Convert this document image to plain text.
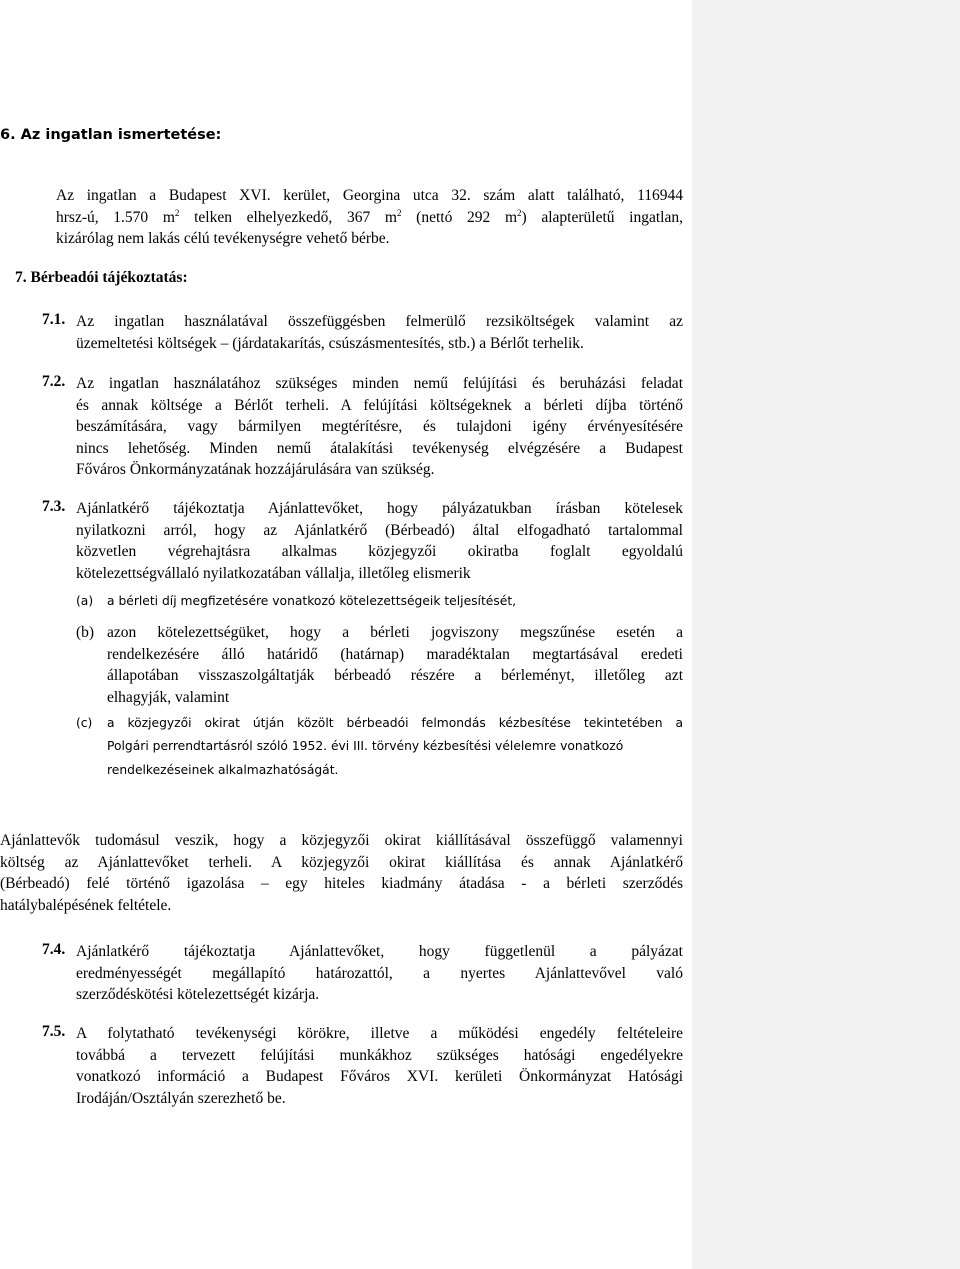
6. Az ingatlan ismertetése:
Az ingatlan a Budapest XVI. kerület, Georgina utca 32. szám alatt található, 116944
hrsz-ú, 1.570 $m^2$ telken elhelyezkedő, 367 $m^2$ (nettó 292 $m^2$) alapterületű ingatlan,
kizárólag nem lakás célú tevékenységre vehető bérbe.
7. Bérbeadói tájékoztatás:
7.1. Az ingatlan használatával összefüggésben felmerülő rezsiköltségek valamint az
üzemeltetési költségek – (járdatakarítás, csúszásmentesítés, stb.) a Bérlőt terhelik.
7.2. Az ingatlan használatához szükséges minden nemű felújítási és beruházási feladat
és annak költsége a Bérlőt terheli. A felújítási költségeknek a bérleti díjba történő
beszámítására, vagy bármilyen megtérítésre, és tulajdoni igény érvényesítésére
nincs lehetőség. Minden nemű átalakítási tevékenység elvégzésére a Budapest
Főváros Önkormányzatának hozzájárulására van szükség.
7.3. Ajánlatkérő tájékoztatja Ajánlattevőket, hogy pályázatukban írásban kötelesek
nyilatkozni arról, hogy az Ajánlatkérő (Bérbeadó) által elfogadható tartalommal
közvetlen végrehajtásra alkalmas közjegyzői okiratba foglalt egyoldalú
kötelezettségvállaló nyilatkozatában vállalja, illetőleg elismerik
(a) a bérleti díj megfizetésére vonatkozó kötelezettségeik teljesítését,
(b) azon kötelezettségüket, hogy a bérleti jogviszony megszűnése esetén a
rendelkezésére álló határidő (határnap) maradéktalan megtartásával eredeti
állapotában visszaszolgáltatják bérbeadó részére a bérleményt, illetőleg azt
elhagyják, valamint
(c) a közjegyzői okirat útján közölt bérbeadói felmondás kézbesítése tekintetében a
Polgári perrendtartásról szóló 1952. évi III. törvény kézbesítési vélelemre vonatkozó
rendelkezéseinek alkalmazhatóságát.
Ajánlattevők tudomásul veszik, hogy a közjegyzői okirat kiállításával összefüggő valamennyi
költség az Ajánlattevőket terheli. A közjegyzői okirat kiállítása és annak Ajánlatkérő
(Bérbeadó) felé történő igazolása – egy hiteles kiadmány átadása - a bérleti szerződés
hatálybalépésének feltétele.
7.4. Ajánlatkérő tájékoztatja Ajánlattevőket, hogy függetlenül a pályázat
eredményességét megállapító határozattól, a nyertes Ajánlattevővel való
szerződéskötési kötelezettségét kizárja.
7.5. A folytatható tevékenységi körökre, illetve a működési engedély feltételeire
továbbá a tervezett felújítási munkákhoz szükséges hatósági engedélyekre
vonatkozó információ a Budapest Főváros XVI. kerületi Önkormányzat Hatósági
Irodáján/Osztályán szerezhető be.
